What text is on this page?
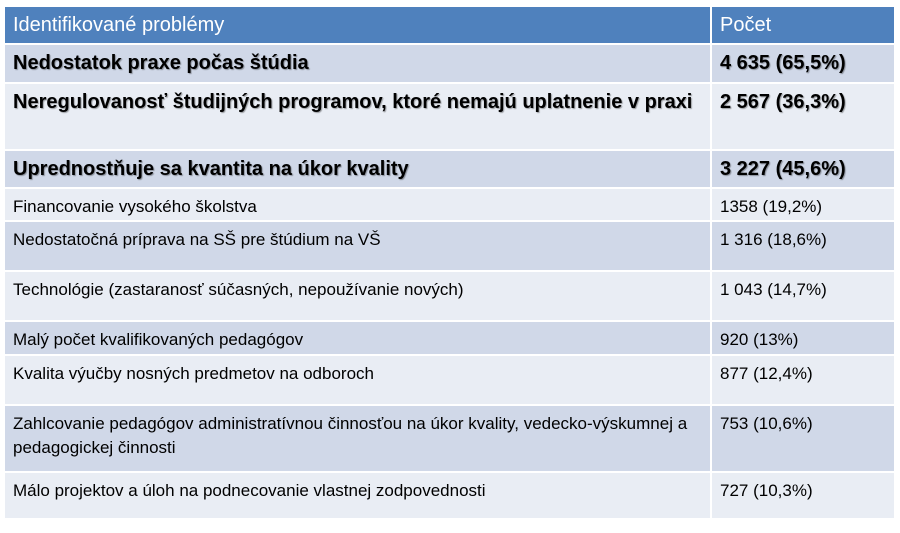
Identifikované problémy	Počet
Nedostatok praxe počas štúdia	4 635 (65,5%)
Neregulovanosť študijných programov, ktoré nemajú uplatnenie v praxi	2 567 (36,3%)
Uprednostňuje sa kvantita na úkor kvality	3 227 (45,6%)
Financovanie vysokého školstva	1358 (19,2%)
Nedostatočná príprava na SŠ pre štúdium na VŠ	1 316 (18,6%)
Technológie (zastaranosť súčasných, nepoužívanie nových)	1 043 (14,7%)
Malý počet kvalifikovaných pedagógov	920 (13%)
Kvalita výučby nosných predmetov na odboroch	877 (12,4%)
Zahlcovanie pedagógov administratívnou činnosťou na úkor kvality, vedecko-výskumnej a pedagogickej činnosti	753 (10,6%)
Málo projektov a úloh na podnecovanie vlastnej zodpovednosti	727 (10,3%)
